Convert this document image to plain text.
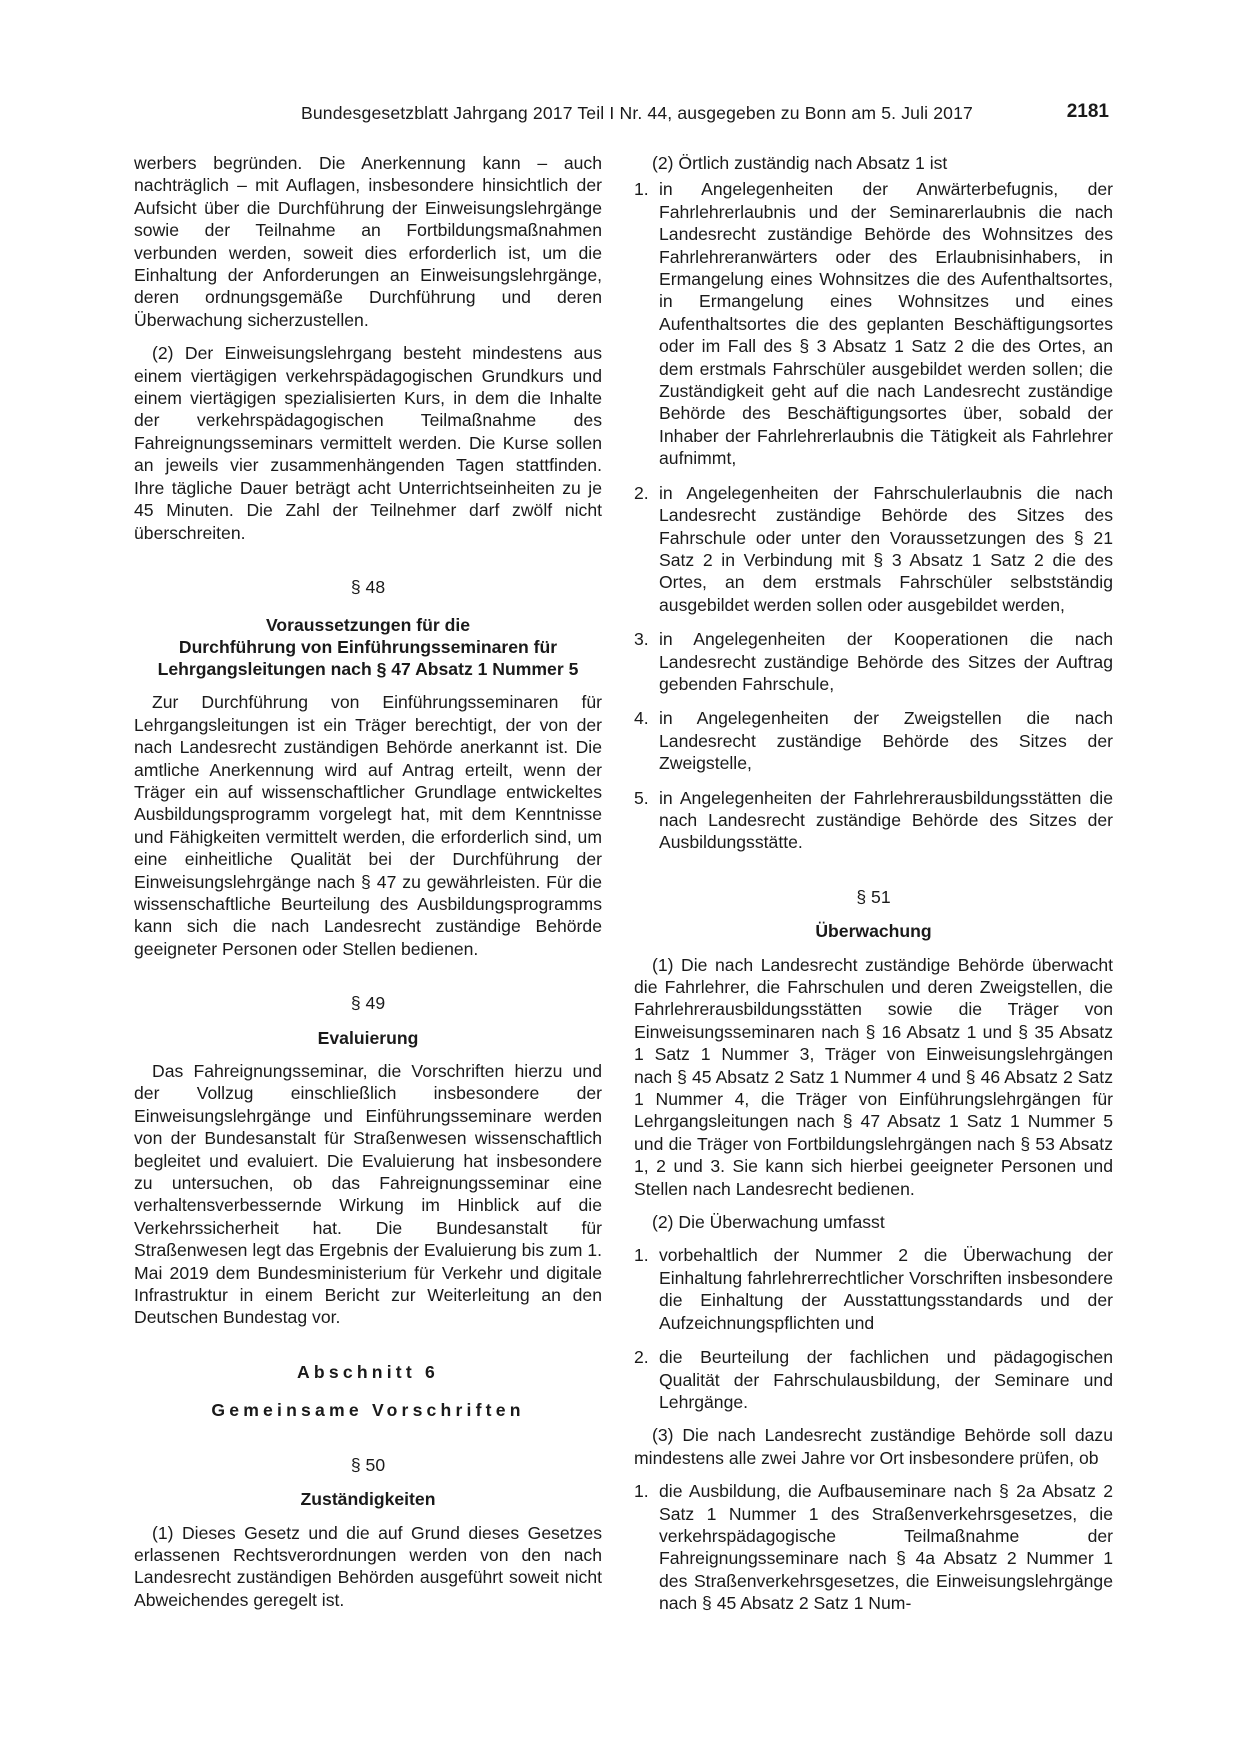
Bundesgesetzblatt Jahrgang 2017 Teil I Nr. 44, ausgegeben zu Bonn am 5. Juli 2017	2181

werbers begründen. Die Anerkennung kann – auch nachträglich – mit Auflagen, insbesondere hinsichtlich der Aufsicht über die Durchführung der Einweisungslehrgänge sowie der Teilnahme an Fortbildungsmaßnahmen verbunden werden, soweit dies erforderlich ist, um die Einhaltung der Anforderungen an Einweisungslehrgänge, deren ordnungsgemäße Durchführung und deren Überwachung sicherzustellen.

(2) Der Einweisungslehrgang besteht mindestens aus einem viertägigen verkehrspädagogischen Grundkurs und einem viertägigen spezialisierten Kurs, in dem die Inhalte der verkehrspädagogischen Teilmaßnahme des Fahreignungsseminars vermittelt werden. Die Kurse sollen an jeweils vier zusammenhängenden Tagen stattfinden. Ihre tägliche Dauer beträgt acht Unterrichtseinheiten zu je 45 Minuten. Die Zahl der Teilnehmer darf zwölf nicht überschreiten.

§ 48
Voraussetzungen für die
Durchführung von Einführungsseminaren für
Lehrgangsleitungen nach § 47 Absatz 1 Nummer 5

Zur Durchführung von Einführungsseminaren für Lehrgangsleitungen ist ein Träger berechtigt, der von der nach Landesrecht zuständigen Behörde anerkannt ist. Die amtliche Anerkennung wird auf Antrag erteilt, wenn der Träger ein auf wissenschaftlicher Grundlage entwickeltes Ausbildungsprogramm vorgelegt hat, mit dem Kenntnisse und Fähigkeiten vermittelt werden, die erforderlich sind, um eine einheitliche Qualität bei der Durchführung der Einweisungslehrgänge nach § 47 zu gewährleisten. Für die wissenschaftliche Beurteilung des Ausbildungsprogramms kann sich die nach Landesrecht zuständige Behörde geeigneter Personen oder Stellen bedienen.

§ 49
Evaluierung

Das Fahreignungsseminar, die Vorschriften hierzu und der Vollzug einschließlich insbesondere der Einweisungslehrgänge und Einführungsseminare werden von der Bundesanstalt für Straßenwesen wissenschaftlich begleitet und evaluiert. Die Evaluierung hat insbesondere zu untersuchen, ob das Fahreignungsseminar eine verhaltensverbessernde Wirkung im Hinblick auf die Verkehrssicherheit hat. Die Bundesanstalt für Straßenwesen legt das Ergebnis der Evaluierung bis zum 1. Mai 2019 dem Bundesministerium für Verkehr und digitale Infrastruktur in einem Bericht zur Weiterleitung an den Deutschen Bundestag vor.

Abschnitt 6
Gemeinsame Vorschriften
§ 50
Zuständigkeiten

(1) Dieses Gesetz und die auf Grund dieses Gesetzes erlassenen Rechtsverordnungen werden von den nach Landesrecht zuständigen Behörden ausgeführt soweit nicht Abweichendes geregelt ist.

(2) Örtlich zuständig nach Absatz 1 ist

1. in Angelegenheiten der Anwärterbefugnis, der Fahrlehrerlaubnis und der Seminarerlaubnis die nach Landesrecht zuständige Behörde des Wohnsitzes des Fahrlehreranwärters oder des Erlaubnisinhabers, in Ermangelung eines Wohnsitzes die des Aufenthaltsortes, in Ermangelung eines Wohnsitzes und eines Aufenthaltsortes die des geplanten Beschäftigungsortes oder im Fall des § 3 Absatz 1 Satz 2 die des Ortes, an dem erstmals Fahrschüler ausgebildet werden sollen; die Zuständigkeit geht auf die nach Landesrecht zuständige Behörde des Beschäftigungsortes über, sobald der Inhaber der Fahrlehrerlaubnis die Tätigkeit als Fahrlehrer aufnimmt,
2. in Angelegenheiten der Fahrschulerlaubnis die nach Landesrecht zuständige Behörde des Sitzes des Fahrschule oder unter den Voraussetzungen des § 21 Satz 2 in Verbindung mit § 3 Absatz 1 Satz 2 die des Ortes, an dem erstmals Fahrschüler selbstständig ausgebildet werden sollen oder ausgebildet werden,
3. in Angelegenheiten der Kooperationen die nach Landesrecht zuständige Behörde des Sitzes der Auftrag gebenden Fahrschule,
4. in Angelegenheiten der Zweigstellen die nach Landesrecht zuständige Behörde des Sitzes der Zweigstelle,
5. in Angelegenheiten der Fahrlehrerausbildungsstätten die nach Landesrecht zuständige Behörde des Sitzes der Ausbildungsstätte.
§ 51
Überwachung

(1) Die nach Landesrecht zuständige Behörde überwacht die Fahrlehrer, die Fahrschulen und deren Zweigstellen, die Fahrlehrerausbildungsstätten sowie die Träger von Einweisungsseminaren nach § 16 Absatz 1 und § 35 Absatz 1 Satz 1 Nummer 3, Träger von Einweisungslehrgängen nach § 45 Absatz 2 Satz 1 Nummer 4 und § 46 Absatz 2 Satz 1 Nummer 4, die Träger von Einführungslehrgängen für Lehrgangsleitungen nach § 47 Absatz 1 Satz 1 Nummer 5 und die Träger von Fortbildungslehrgängen nach § 53 Absatz 1, 2 und 3. Sie kann sich hierbei geeigneter Personen und Stellen nach Landesrecht bedienen.

(2) Die Überwachung umfasst

1. vorbehaltlich der Nummer 2 die Überwachung der Einhaltung fahrlehrerrechtlicher Vorschriften insbesondere die Einhaltung der Ausstattungsstandards und der Aufzeichnungspflichten und
2. die Beurteilung der fachlichen und pädagogischen Qualität der Fahrschulausbildung, der Seminare und Lehrgänge.

(3) Die nach Landesrecht zuständige Behörde soll dazu mindestens alle zwei Jahre vor Ort insbesondere prüfen, ob

1. die Ausbildung, die Aufbauseminare nach § 2a Absatz 2 Satz 1 Nummer 1 des Straßenverkehrsgesetzes, die verkehrspädagogische Teilmaßnahme der Fahreignungsseminare nach § 4a Absatz 2 Nummer 1 des Straßenverkehrsgesetzes, die Einweisungslehrgänge nach § 45 Absatz 2 Satz 1 Num-
